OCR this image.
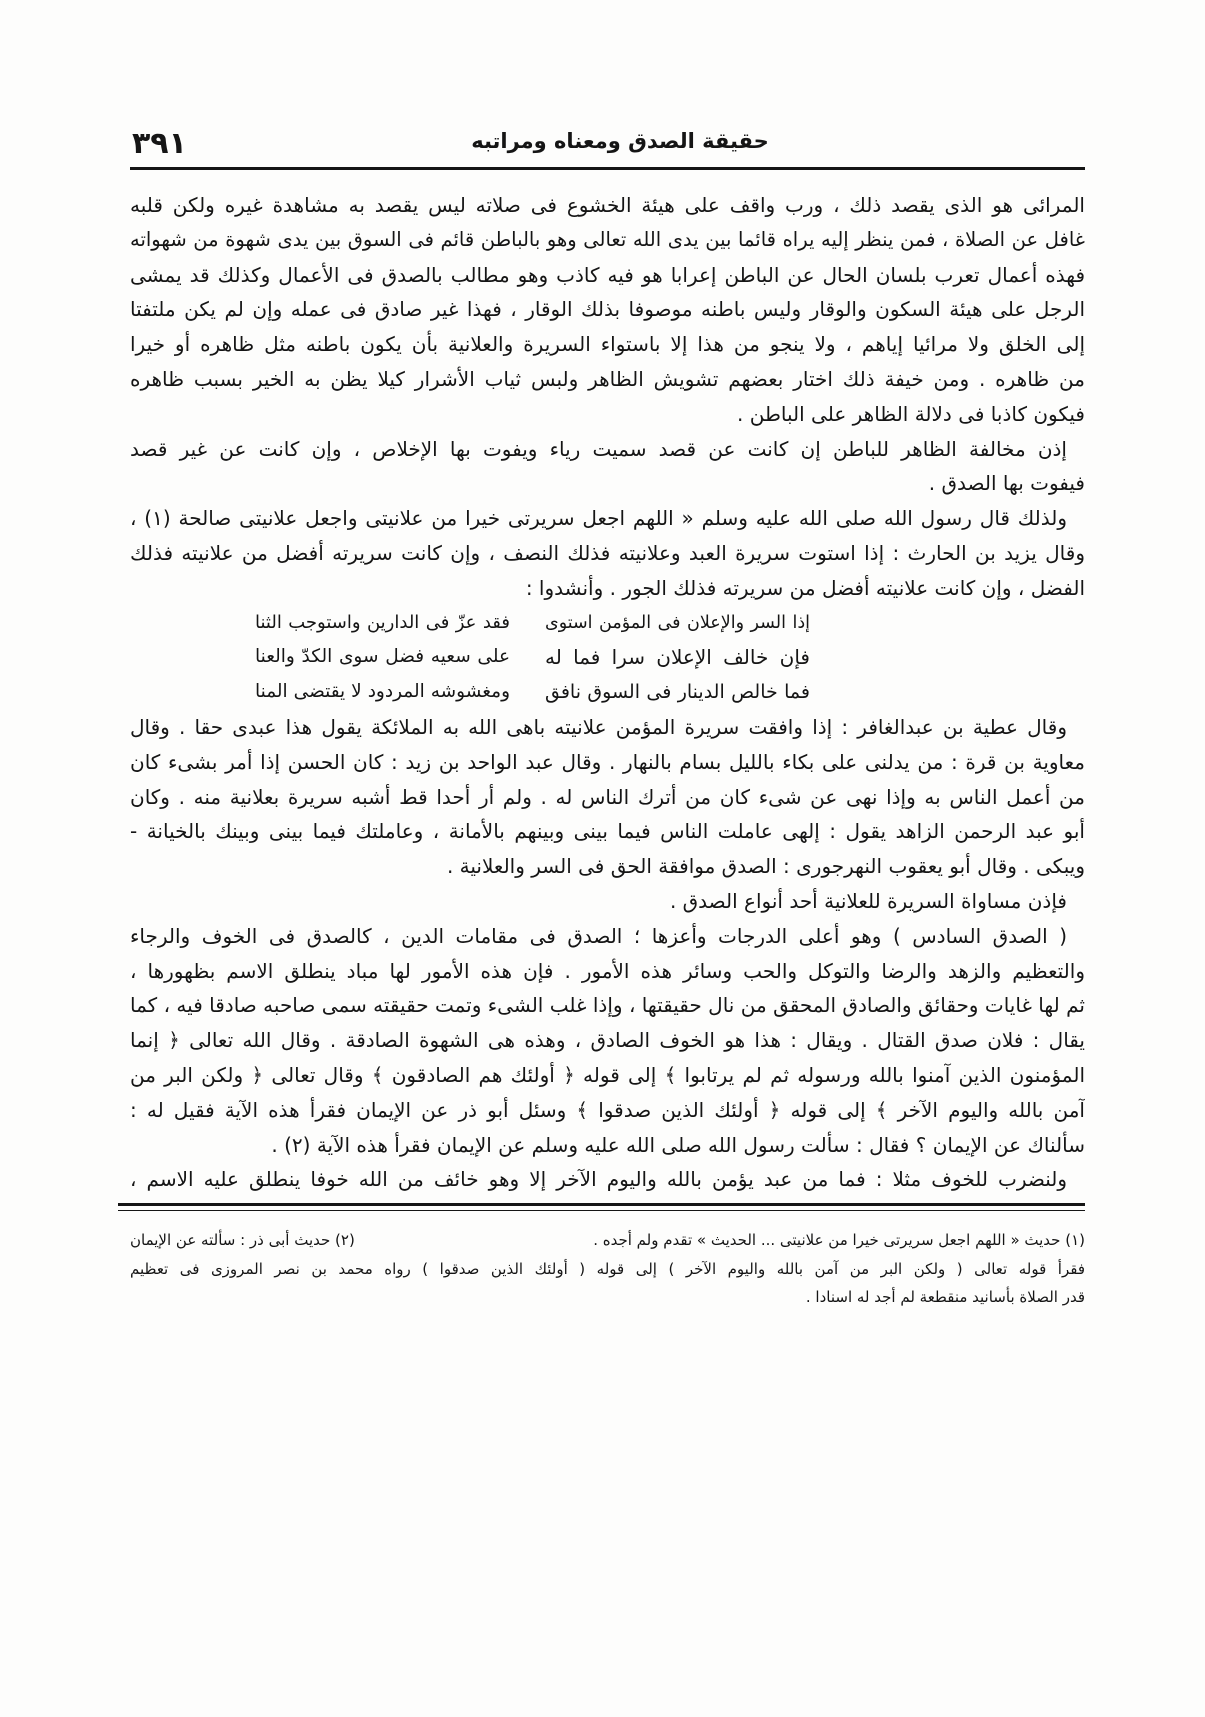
٣٩١	حقيقة الصدق ومعناه ومراتبه
المرائى هو الذى يقصد ذلك ، ورب واقف على هيئة الخشوع فى صلاته ليس يقصد به مشاهدة غيره ولكن قلبه
غافل عن الصلاة ، فمن ينظر إليه يراه قائما بين يدى الله تعالى وهو بالباطن قائم فى السوق بين يدى شهوة من شهواته
فهذه أعمال تعرب بلسان الحال عن الباطن إعرابا هو فيه كاذب وهو مطالب بالصدق فى الأعمال وكذلك قد يمشى
الرجل على هيئة السكون والوقار وليس باطنه موصوفا بذلك الوقار ، فهذا غير صادق فى عمله وإن لم يكن ملتفتا
إلى الخلق ولا مرائيا إياهم ، ولا ينجو من هذا إلا باستواء السريرة والعلانية بأن يكون باطنه مثل ظاهره أو خيرا
من ظاهره . ومن خيفة ذلك اختار بعضهم تشويش الظاهر ولبس ثياب الأشرار كيلا يظن به الخير بسبب ظاهره
فيكون كاذبا فى دلالة الظاهر على الباطن .
إذن مخالفة الظاهر للباطن إن كانت عن قصد سميت رياء ويفوت بها الإخلاص ، وإن كانت عن غير قصد
فيفوت بها الصدق .
ولذلك قال رسول الله صلى الله عليه وسلم « اللهم اجعل سريرتى خيرا من علانيتى واجعل علانيتى صالحة (١) ،
وقال يزيد بن الحارث : إذا استوت سريرة العبد وعلانيته فذلك النصف ، وإن كانت سريرته أفضل من علانيته فذلك
الفضل ، وإن كانت علانيته أفضل من سريرته فذلك الجور . وأنشدوا :
إذا السر والإعلان فى المؤمن استوى
فقد عزّ فى الدارين واستوجب الثنا
فإن خالف الإعلان سرا فما له
على سعيه فضل سوى الكدّ والعنا
فما خالص الدينار فى السوق نافق
ومغشوشه المردود لا يقتضى المنا
وقال عطية بن عبدالغافر : إذا وافقت سريرة المؤمن علانيته باهى الله به الملائكة يقول هذا عبدى حقا . وقال
معاوية بن قرة : من يدلنى على بكاء بالليل بسام بالنهار . وقال عبد الواحد بن زيد : كان الحسن إذا أمر بشىء كان
من أعمل الناس به وإذا نهى عن شىء كان من أترك الناس له . ولم أر أحدا قط أشبه سريرة بعلانية منه . وكان
أبو عبد الرحمن الزاهد يقول : إلهى عاملت الناس فيما بينى وبينهم بالأمانة ، وعاملتك فيما بينى وبينك بالخيانة -
ويبكى . وقال أبو يعقوب النهرجورى : الصدق موافقة الحق فى السر والعلانية .
فإذن مساواة السريرة للعلانية أحد أنواع الصدق .
( الصدق السادس ) وهو أعلى الدرجات وأعزها ؛ الصدق فى مقامات الدين ، كالصدق فى الخوف والرجاء
والتعظيم والزهد والرضا والتوكل والحب وسائر هذه الأمور . فإن هذه الأمور لها مباد ينطلق الاسم بظهورها ،
ثم لها غايات وحقائق والصادق المحقق من نال حقيقتها ، وإذا غلب الشىء وتمت حقيقته سمى صاحبه صادقا فيه ، كما
يقال : فلان صدق القتال . ويقال : هذا هو الخوف الصادق ، وهذه هى الشهوة الصادقة . وقال الله تعالى ﴿ إنما
المؤمنون الذين آمنوا بالله ورسوله ثم لم يرتابوا ﴾ إلى قوله ﴿ أولئك هم الصادقون ﴾ وقال تعالى ﴿ ولكن البر من
آمن بالله واليوم الآخر ﴾ إلى قوله ﴿ أولئك الذين صدقوا ﴾ وسئل أبو ذر عن الإيمان فقرأ هذه الآية فقيل له :
سألناك عن الإيمان ؟ فقال : سألت رسول الله صلى الله عليه وسلم عن الإيمان فقرأ هذه الآية (٢) .
ولنضرب للخوف مثلا : فما من عبد يؤمن بالله واليوم الآخر إلا وهو خائف من الله خوفا ينطلق عليه الاسم ،
(١) حديث « اللهم اجعل سريرتى خيرا من علانيتى ... الحديث » تقدم ولم أجده .
(٢) حديث أبى ذر : سألته عن الإيمان
فقرأ قوله تعالى ( ولكن البر من آمن بالله واليوم الآخر ) إلى قوله ( أولئك الذين صدقوا ) رواه محمد بن نصر المروزى فى تعظيم
قدر الصلاة بأسانيد منقطعة لم أجد له اسنادا .
